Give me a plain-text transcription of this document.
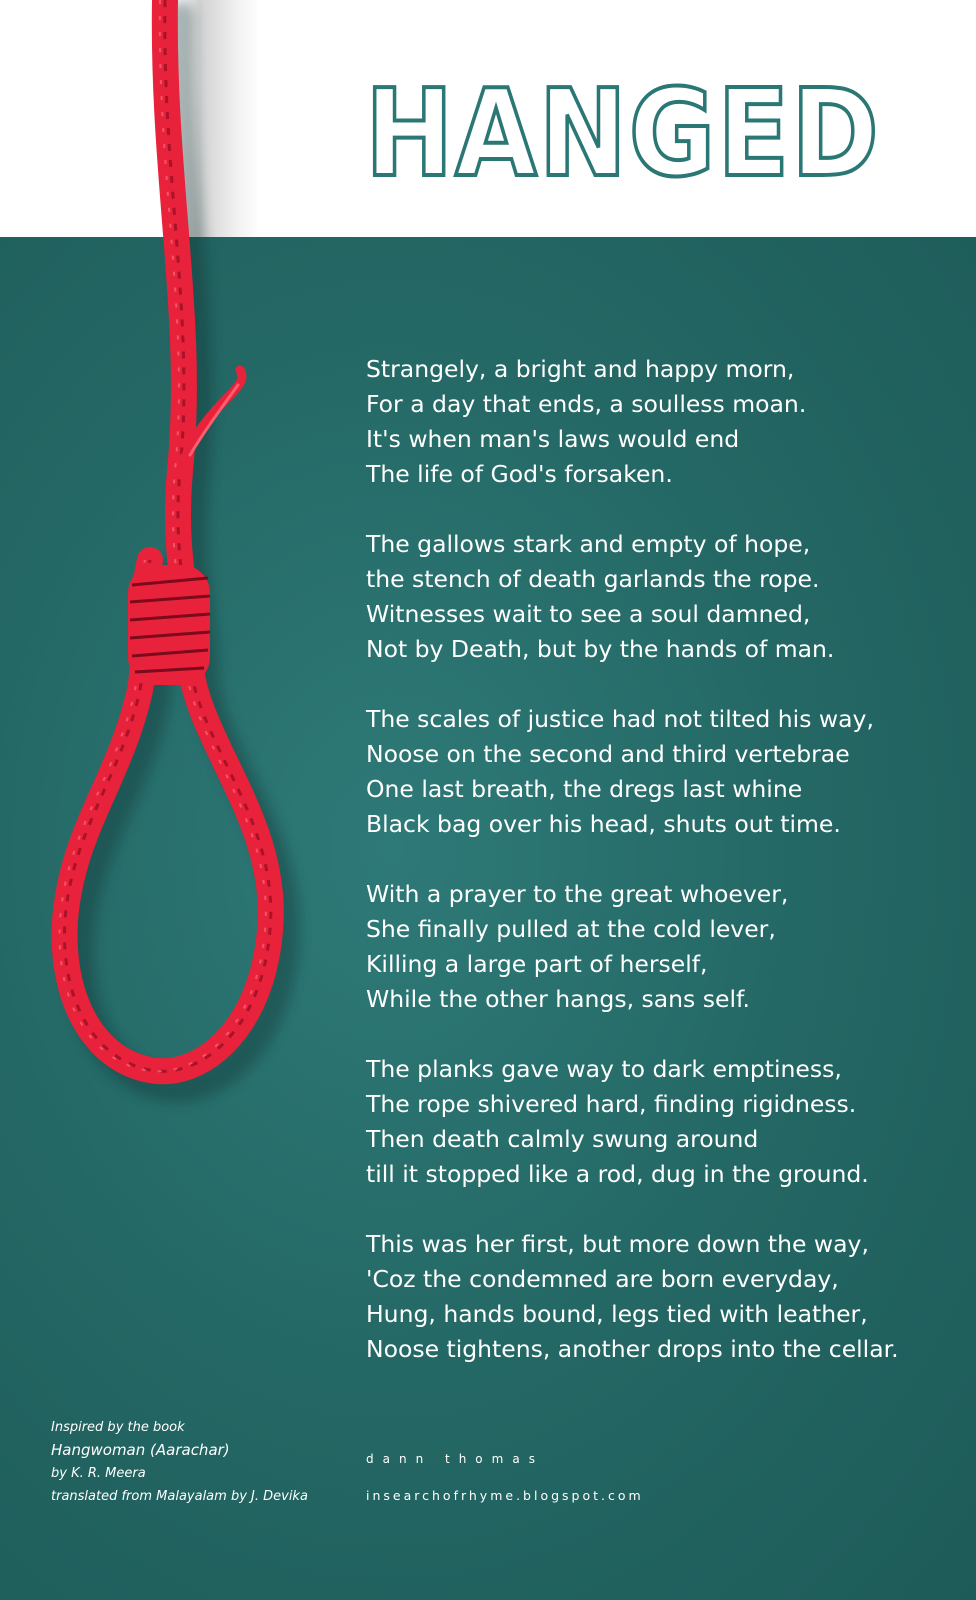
HANGED
Strangely, a bright and happy morn,
For a day that ends, a soulless moan.
It's when man's laws would end
The life of God's forsaken.
The gallows stark and empty of hope,
the stench of death garlands the rope.
Witnesses wait to see a soul damned,
Not by Death, but by the hands of man.
The scales of justice had not tilted his way,
Noose on the second and third vertebrae
One last breath, the dregs last whine
Black bag over his head, shuts out time.
With a prayer to the great whoever,
She finally pulled at the cold lever,
Killing a large part of herself,
While the other hangs, sans self.
The planks gave way to dark emptiness,
The rope shivered hard, finding rigidness.
Then death calmly swung around
till it stopped like a rod, dug in the ground.
This was her first, but more down the way,
'Coz the condemned are born everyday,
Hung, hands bound, legs tied with leather,
Noose tightens, another drops into the cellar.
Inspired by the book
Hangwoman (Aarachar)
by K. R. Meera
translated from Malayalam by J. Devika
dann thomas
insearchofrhyme.blogspot.com
